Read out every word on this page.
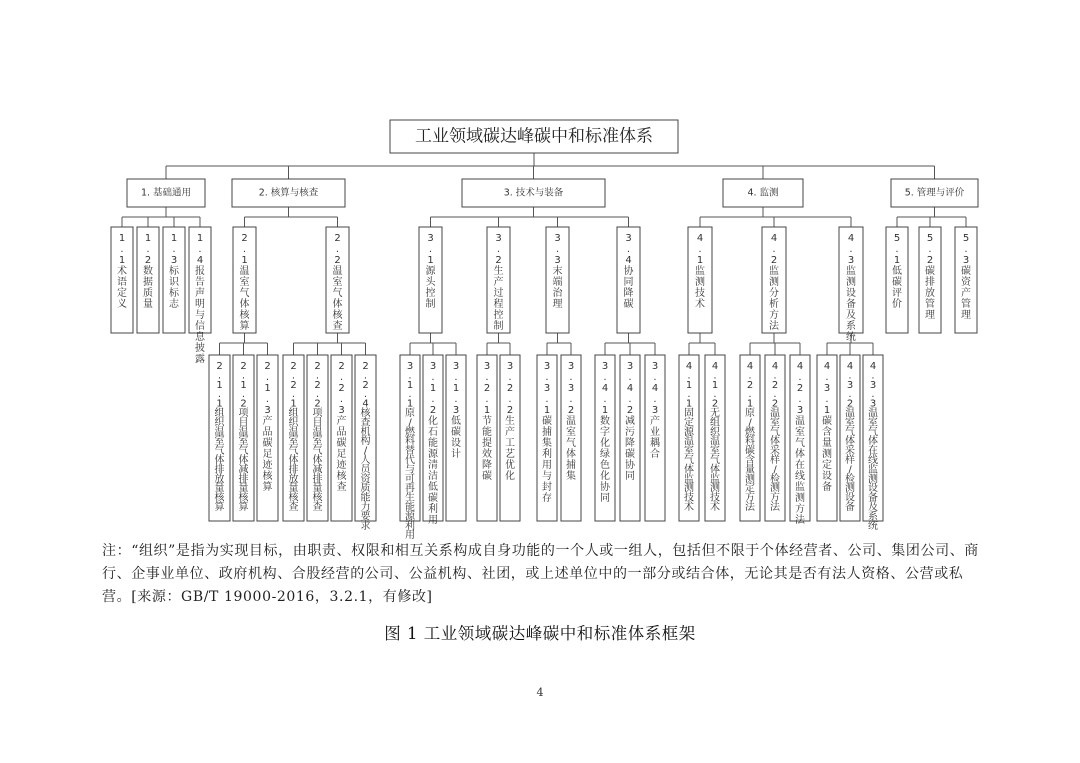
工业领域碳达峰碳中和标准体系
1. 基础通用
1 . 1 术语定义
1 . 2 数据质量
1 . 3 标识标志
1 . 4 报告声明与信息披露
2. 核算与核查
2 . 1 温室气体核算
2 . 1 . 1 组织温室气体排放量核算
2 . 1 . 2 项目温室气体减排量核算
2 . 1 . 3 产品碳足迹核算
2 . 2 温室气体核查
2 . 2 . 1 组织温室气体排放量核查
2 . 2 . 2 项目温室气体减排量核查
2 . 2 . 3 产品碳足迹核查
2 . 2 . 4 核查机构/人员资质能力要求
3. 技术与装备
3 . 1 源头控制
3 . 1 . 1 原/燃料替代与可再生能源利用
3 . 1 . 2 化石能源清洁低碳利用
3 . 1 . 3 低碳设计
3 . 2 生产过程控制
3 . 2 . 1 节能提效降碳
3 . 2 . 2 生产工艺优化
3 . 3 末端治理
3 . 3 . 1 碳捕集利用与封存
3 . 3 . 2 温室气体捕集
3 . 4 协同降碳
3 . 4 . 1 数字化绿色化协同
3 . 4 . 2 减污降碳协同
3 . 4 . 3 产业耦合
4. 监测
4 . 1 监测技术
4 . 1 . 1 固定源温室气体监测技术
4 . 1 . 2 无组织温室气体监测技术
4 . 2 监测分析方法
4 . 2 . 1 原/燃料碳含量测定方法
4 . 2 . 2 温室气体采样/检测方法
4 . 2 . 3 温室气体在线监测方法
4 . 3 监测设备及系统
4 . 3 . 1 碳含量测定设备
4 . 3 . 2 温室气体采样/检测设备
4 . 3 . 3 温室气体在线监测设备及系统
5. 管理与评价
5 . 1 低碳评价
5 . 2 碳排放管理
5 . 3 碳资产管理

注：“组织”是指为实现目标，由职责、权限和相互关系构成自身功能的一个人或一组人，包括但不限于个体经营者、公司、集团公司、商行、企事业单位、政府机构、合股经营的公司、公益机构、社团，或上述单位中的一部分或结合体，无论其是否有法人资格、公营或私营。[来源：GB/T 19000-2016，3.2.1，有修改]

图 1 工业领域碳达峰碳中和标准体系框架
4
